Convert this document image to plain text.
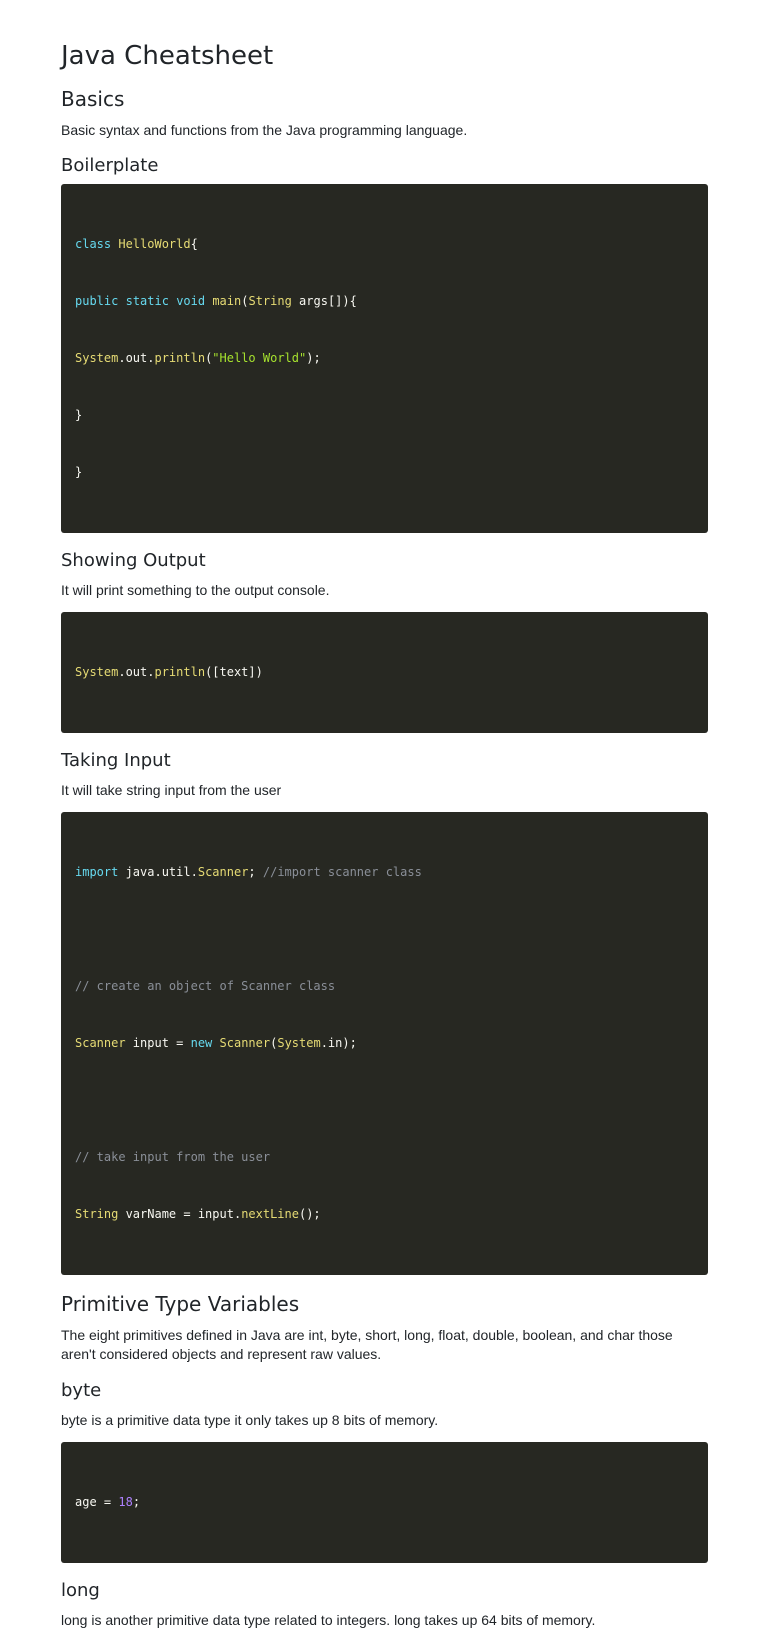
Java Cheatsheet
Basics

Basic syntax and functions from the Java programming language.

Boilerplate

class HelloWorld{

public static void main(String args[]){

System.out.println("Hello World");

}

}

Showing Output

It will print something to the output console.

System.out.println([text])

Taking Input

It will take string input from the user

import java.util.Scanner; //import scanner class

// create an object of Scanner class

Scanner input = new Scanner(System.in);

// take input from the user

String varName = input.nextLine();

Primitive Type Variables

The eight primitives defined in Java are int, byte, short, long, float, double, boolean, and char those aren't considered objects and represent raw values.

byte

byte is a primitive data type it only takes up 8 bits of memory.

age = 18;

long

long is another primitive data type related to integers. long takes up 64 bits of memory.
